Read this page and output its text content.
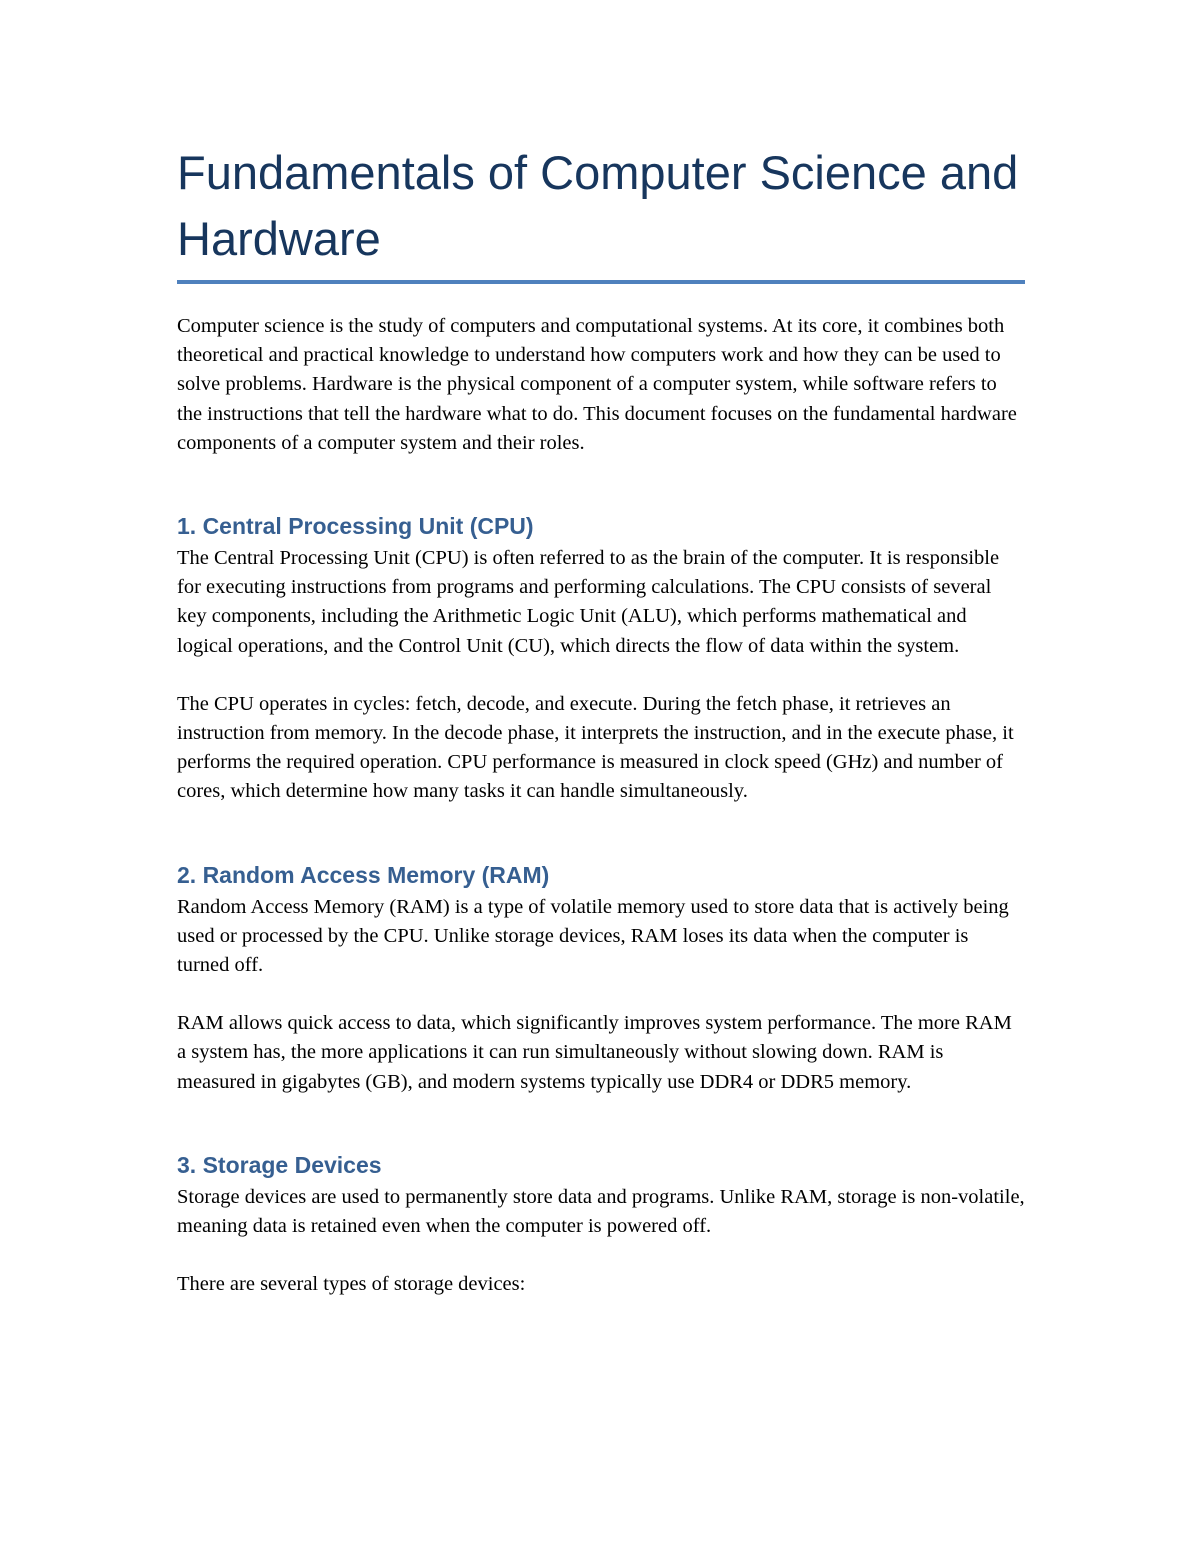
Fundamentals of Computer Science and Hardware

Computer science is the study of computers and computational systems. At its core, it combines both theoretical and practical knowledge to understand how computers work and how they can be used to solve problems. Hardware is the physical component of a computer system, while software refers to the instructions that tell the hardware what to do. This document focuses on the fundamental hardware components of a computer system and their roles.

1. Central Processing Unit (CPU)

The Central Processing Unit (CPU) is often referred to as the brain of the computer. It is responsible for executing instructions from programs and performing calculations. The CPU consists of several key components, including the Arithmetic Logic Unit (ALU), which performs mathematical and logical operations, and the Control Unit (CU), which directs the flow of data within the system.

The CPU operates in cycles: fetch, decode, and execute. During the fetch phase, it retrieves an instruction from memory. In the decode phase, it interprets the instruction, and in the execute phase, it performs the required operation. CPU performance is measured in clock speed (GHz) and number of cores, which determine how many tasks it can handle simultaneously.

2. Random Access Memory (RAM)

Random Access Memory (RAM) is a type of volatile memory used to store data that is actively being used or processed by the CPU. Unlike storage devices, RAM loses its data when the computer is turned off.

RAM allows quick access to data, which significantly improves system performance. The more RAM a system has, the more applications it can run simultaneously without slowing down. RAM is measured in gigabytes (GB), and modern systems typically use DDR4 or DDR5 memory.

3. Storage Devices

Storage devices are used to permanently store data and programs. Unlike RAM, storage is non-volatile, meaning data is retained even when the computer is powered off.

There are several types of storage devices:
